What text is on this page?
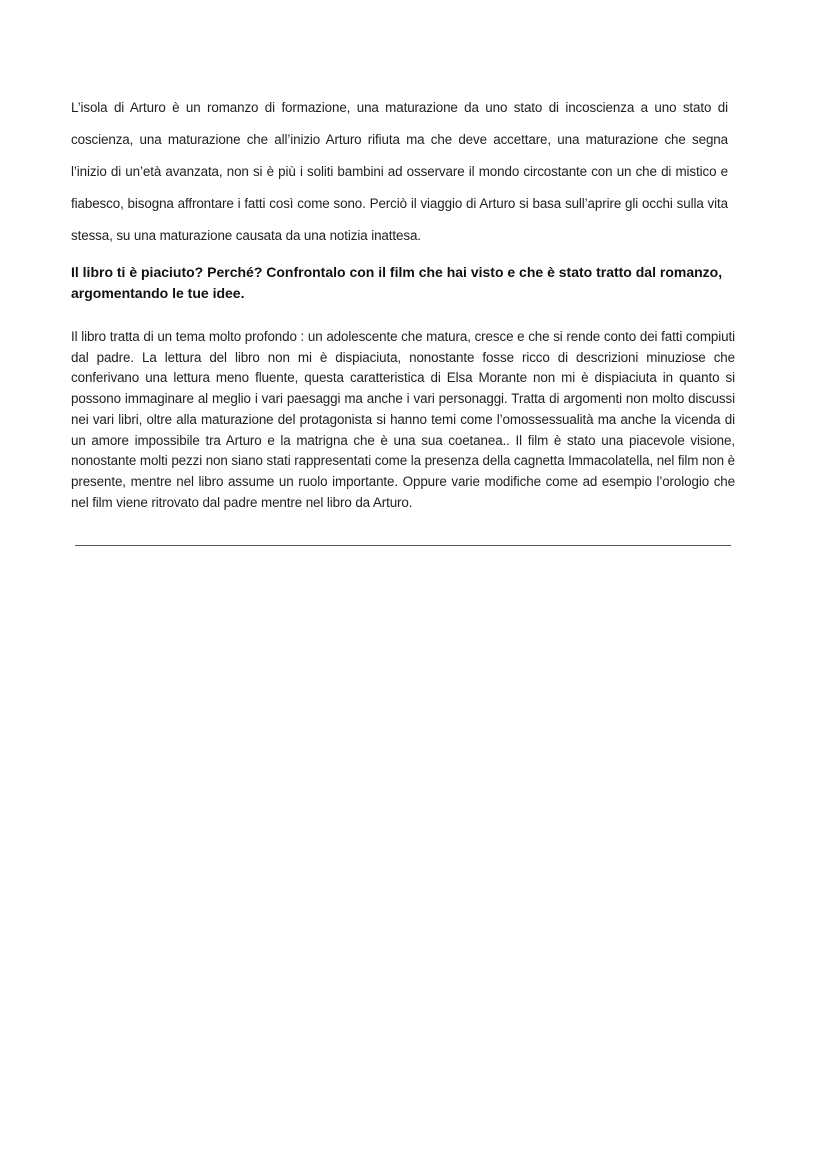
L’isola di Arturo è un romanzo di formazione, una maturazione da uno stato di incoscienza a uno stato di coscienza, una maturazione che all’inizio Arturo rifiuta ma che deve accettare, una maturazione che segna l’inizio di un’età avanzata, non si è più i soliti bambini ad osservare il mondo circostante con un che di mistico e fiabesco, bisogna affrontare i fatti così come sono. Perciò il viaggio di Arturo si basa sull’aprire gli occhi sulla vita stessa, su una maturazione causata da una notizia inattesa.

Il libro ti è piaciuto? Perché? Confrontalo con il film che hai visto e che è stato tratto dal romanzo, argomentando le tue idee.

Il libro tratta di un tema molto profondo : un adolescente che matura, cresce e che si rende conto dei fatti compiuti dal padre. La lettura del libro non mi è dispiaciuta, nonostante fosse ricco di descrizioni minuziose che conferivano una lettura meno fluente, questa caratteristica di Elsa Morante non mi è dispiaciuta in quanto si possono immaginare al meglio i vari paesaggi ma anche i vari personaggi. Tratta di argomenti non molto discussi nei vari libri, oltre alla maturazione del protagonista si hanno temi come l’omossessualità ma anche la vicenda di un amore impossibile tra Arturo e la matrigna che è una sua coetanea.. Il film è stato una piacevole visione, nonostante molti pezzi non siano stati rappresentati come la presenza della cagnetta Immacolatella, nel film non è presente, mentre nel libro assume un ruolo importante. Oppure varie modifiche come ad esempio l’orologio che nel film viene ritrovato dal padre mentre nel libro da Arturo.
